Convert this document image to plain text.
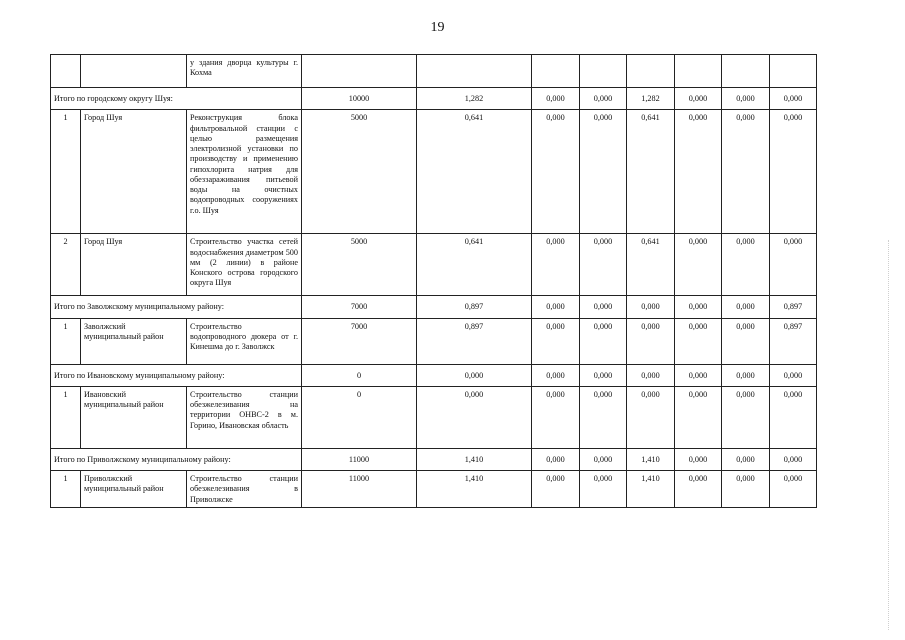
19
		у здания дворца культуры г. Кохма								
Итого по городскому округу Шуя:			10000	1,282	0,000	0,000	1,282	0,000	0,000	0,000
1	Город Шуя	Реконструкция блока фильтровальной станции с целью размещения электролизной установки по производству и применению гипохлорита натрия для обеззараживания питьевой воды на очистных водопроводных сооружениях г.о. Шуя	5000	0,641	0,000	0,000	0,641	0,000	0,000	0,000
2	Город Шуя	Строительство участка сетей водоснабжения диаметром 500 мм (2 линии) в районе Конского острова городского округа Шуя	5000	0,641	0,000	0,000	0,641	0,000	0,000	0,000
Итого по Заволжскому муниципальному району:			7000	0,897	0,000	0,000	0,000	0,000	0,000	0,897
1	Заволжский муниципальный район	Строительство водопроводного дюкера от г. Кинешма до г. Заволжск	7000	0,897	0,000	0,000	0,000	0,000	0,000	0,897
Итого по Ивановскому муниципальному району:			0	0,000	0,000	0,000	0,000	0,000	0,000	0,000
1	Ивановский муниципальный район	Строительство станции обезжелезивания на территории ОНВС-2 в м. Горино, Ивановская область	0	0,000	0,000	0,000	0,000	0,000	0,000	0,000
Итого по Приволжскому муниципальному району:			11000	1,410	0,000	0,000	1,410	0,000	0,000	0,000
1	Приволжский муниципальный район	Строительство станции обезжелезивания в Приволжске	11000	1,410	0,000	0,000	1,410	0,000	0,000	0,000
